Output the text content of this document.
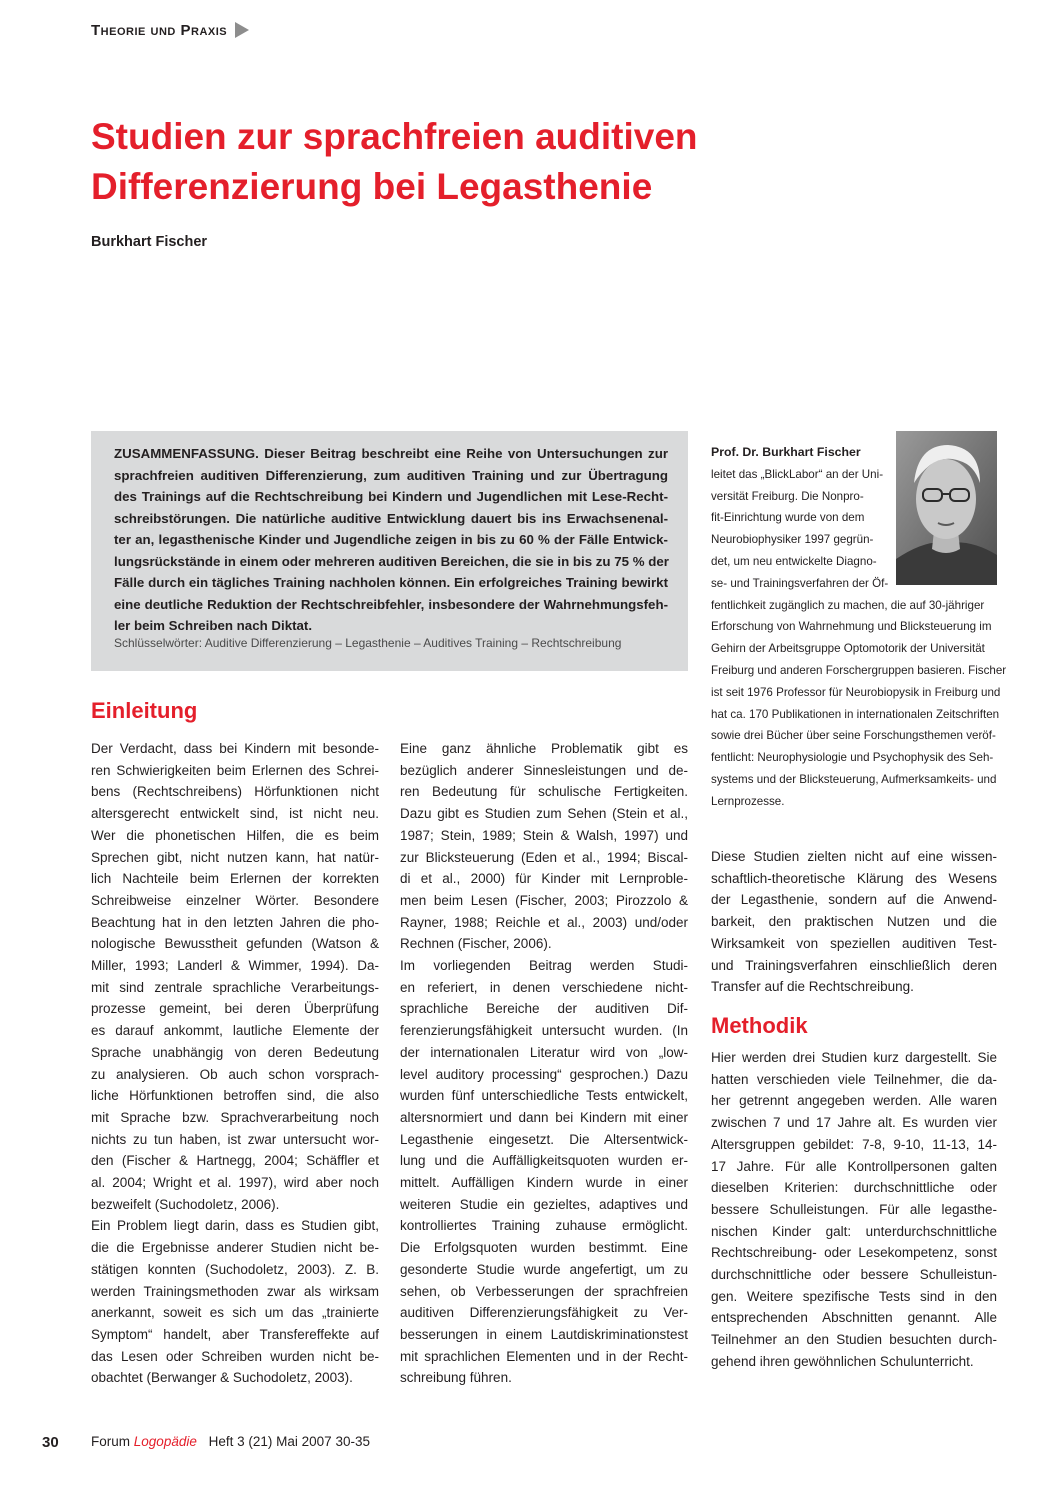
Theorie und Praxis
Studien zur sprachfreien auditiven
Differenzierung bei Legasthenie
Burkhart Fischer
ZUSAMMENFASSUNG. Dieser Beitrag beschreibt eine Reihe von Untersuchungen zur
sprachfreien auditiven Differenzierung, zum auditiven Training und zur Übertragung
des Trainings auf die Rechtschreibung bei Kindern und Jugendlichen mit Lese-Recht-
schreibstörungen. Die natürliche auditive Entwicklung dauert bis ins Erwachsenenal-
ter an, legasthenische Kinder und Jugendliche zeigen in bis zu 60 % der Fälle Entwick-
lungsrückstände in einem oder mehreren auditiven Bereichen, die sie in bis zu 75 % der
Fälle durch ein tägliches Training nachholen können. Ein erfolgreiches Training bewirkt
eine deutliche Reduktion der Rechtschreibfehler, insbesondere der Wahrnehmungsfeh-
ler beim Schreiben nach Diktat.
Schlüsselwörter: Auditive Differenzierung – Legasthenie – Auditives Training – Rechtschreibung
Prof. Dr. Burkhart Fischer
leitet das „BlickLabor“ an der Uni-
versität Freiburg. Die Nonpro-
fit-Einrichtung wurde von dem
Neurobiophysiker 1997 gegrün-
det, um neu entwickelte Diagno-
se- und Trainingsverfahren der Öf-
fentlichkeit zugänglich zu machen, die auf 30-jähriger
Erforschung von Wahrnehmung und Blicksteuerung im
Gehirn der Arbeitsgruppe Optomotorik der Universität
Freiburg und anderen Forschergruppen basieren. Fischer
ist seit 1976 Professor für Neurobiopysik in Freiburg und
hat ca. 170 Publikationen in internationalen Zeitschriften
sowie drei Bücher über seine Forschungsthemen veröf-
fentlicht: Neurophysiologie und Psychophysik des Seh-
systems und der Blicksteuerung, Aufmerksamkeits- und
Lernprozesse.
Einleitung
Der Verdacht, dass bei Kindern mit besonde-
ren Schwierigkeiten beim Erlernen des Schrei-
bens (Rechtschreibens) Hörfunktionen nicht
altersgerecht entwickelt sind, ist nicht neu.
Wer die phonetischen Hilfen, die es beim
Sprechen gibt, nicht nutzen kann, hat natür-
lich Nachteile beim Erlernen der korrekten
Schreibweise einzelner Wörter. Besondere
Beachtung hat in den letzten Jahren die pho-
nologische Bewusstheit gefunden (Watson &
Miller, 1993; Landerl & Wimmer, 1994). Da-
mit sind zentrale sprachliche Verarbeitungs-
prozesse gemeint, bei deren Überprüfung
es darauf ankommt, lautliche Elemente der
Sprache unabhängig von deren Bedeutung
zu analysieren. Ob auch schon vorsprach-
liche Hörfunktionen betroffen sind, die also
mit Sprache bzw. Sprachverarbeitung noch
nichts zu tun haben, ist zwar untersucht wor-
den (Fischer & Hartnegg, 2004; Schäffler et
al. 2004; Wright et al. 1997), wird aber noch
bezweifelt (Suchodoletz, 2006).
Ein Problem liegt darin, dass es Studien gibt,
die die Ergebnisse anderer Studien nicht be-
stätigen konnten (Suchodoletz, 2003). Z. B.
werden Trainingsmethoden zwar als wirksam
anerkannt, soweit es sich um das „trainierte
Symptom“ handelt, aber Transfereffekte auf
das Lesen oder Schreiben wurden nicht be-
obachtet (Berwanger & Suchodoletz, 2003).
Eine ganz ähnliche Problematik gibt es
bezüglich anderer Sinnesleistungen und de-
ren Bedeutung für schulische Fertigkeiten.
Dazu gibt es Studien zum Sehen (Stein et al.,
1987; Stein, 1989; Stein & Walsh, 1997) und
zur Blicksteuerung (Eden et al., 1994; Biscal-
di et al., 2000) für Kinder mit Lernproble-
men beim Lesen (Fischer, 2003; Pirozzolo &
Rayner, 1988; Reichle et al., 2003) und/oder
Rechnen (Fischer, 2006).
Im vorliegenden Beitrag werden Studi-
en referiert, in denen verschiedene nicht-
sprachliche Bereiche der auditiven Dif-
ferenzierungsfähigkeit untersucht wurden. (In
der internationalen Literatur wird von „low-
level auditory processing“ gesprochen.) Dazu
wurden fünf unterschiedliche Tests entwickelt,
altersnormiert und dann bei Kindern mit einer
Legasthenie eingesetzt. Die Altersentwick-
lung und die Auffälligkeitsquoten wurden er-
mittelt. Auffälligen Kindern wurde in einer
weiteren Studie ein gezieltes, adaptives und
kontrolliertes Training zuhause ermöglicht.
Die Erfolgsquoten wurden bestimmt. Eine
gesonderte Studie wurde angefertigt, um zu
sehen, ob Verbesserungen der sprachfreien
auditiven Differenzierungsfähigkeit zu Ver-
besserungen in einem Lautdiskriminationstest
mit sprachlichen Elementen und in der Recht-
schreibung führen.
Diese Studien zielten nicht auf eine wissen-
schaftlich-theoretische Klärung des Wesens
der Legasthenie, sondern auf die Anwend-
barkeit, den praktischen Nutzen und die
Wirksamkeit von speziellen auditiven Test-
und Trainingsverfahren einschließlich deren
Transfer auf die Rechtschreibung.
Methodik
Hier werden drei Studien kurz dargestellt. Sie
hatten verschieden viele Teilnehmer, die da-
her getrennt angegeben werden. Alle waren
zwischen 7 und 17 Jahre alt. Es wurden vier
Altersgruppen gebildet: 7-8, 9-10, 11-13, 14-
17 Jahre. Für alle Kontrollpersonen galten
dieselben Kriterien: durchschnittliche oder
bessere Schulleistungen. Für alle legasthe-
nischen Kinder galt: unterdurchschnittliche
Rechtschreibung- oder Lesekompetenz, sonst
durchschnittliche oder bessere Schulleistun-
gen. Weitere spezifische Tests sind in den
entsprechenden Abschnitten genannt. Alle
Teilnehmer an den Studien besuchten durch-
gehend ihren gewöhnlichen Schulunterricht.
30 Forum Logopädie Heft 3 (21) Mai 2007 30-35
